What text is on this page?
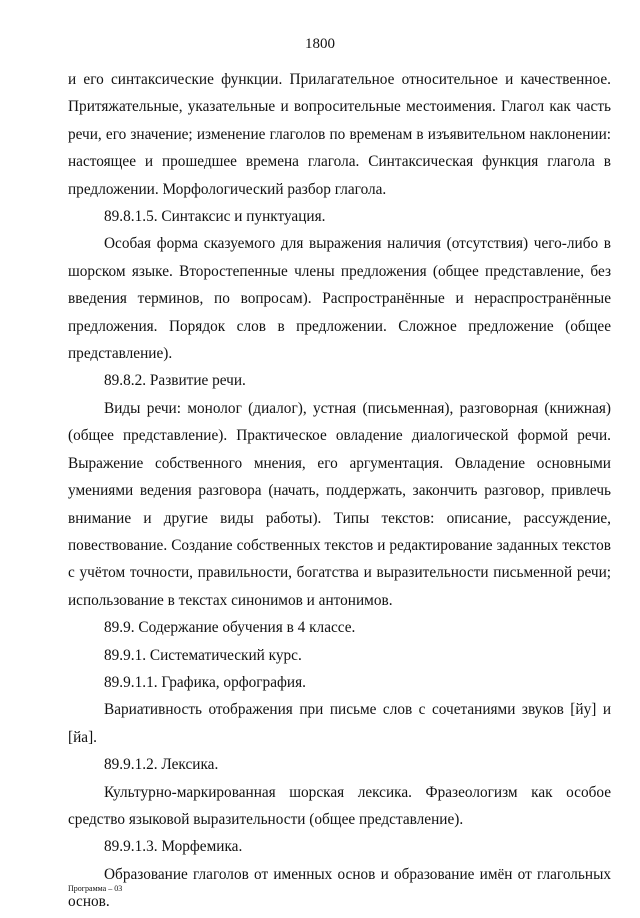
1800

и его синтаксические функции. Прилагательное относительное и качественное. Притяжательные, указательные и вопросительные местоимения. Глагол как часть речи, его значение; изменение глаголов по временам в изъявительном наклонении: настоящее и прошедшее времена глагола. Синтаксическая функция глагола в предложении. Морфологический разбор глагола.

89.8.1.5. Синтаксис и пунктуация.

Особая форма сказуемого для выражения наличия (отсутствия) чего-либо в шорском языке. Второстепенные члены предложения (общее представление, без введения терминов, по вопросам). Распространённые и нераспространённые предложения. Порядок слов в предложении. Сложное предложение (общее представление).

89.8.2. Развитие речи.

Виды речи: монолог (диалог), устная (письменная), разговорная (книжная) (общее представление). Практическое овладение диалогической формой речи. Выражение собственного мнения, его аргументация. Овладение основными умениями ведения разговора (начать, поддержать, закончить разговор, привлечь внимание и другие виды работы). Типы текстов: описание, рассуждение, повествование. Создание собственных текстов и редактирование заданных текстов с учётом точности, правильности, богатства и выразительности письменной речи; использование в текстах синонимов и антонимов.

89.9. Содержание обучения в 4 классе.

89.9.1. Систематический курс.

89.9.1.1. Графика, орфография.

Вариативность отображения при письме слов с сочетаниями звуков [йу] и [йа].

89.9.1.2. Лексика.

Культурно-маркированная шорская лексика. Фразеологизм как особое средство языковой выразительности (общее представление).

89.9.1.3. Морфемика.

Образование глаголов от именных основ и образование имён от глагольных основ.

Программа – 03
